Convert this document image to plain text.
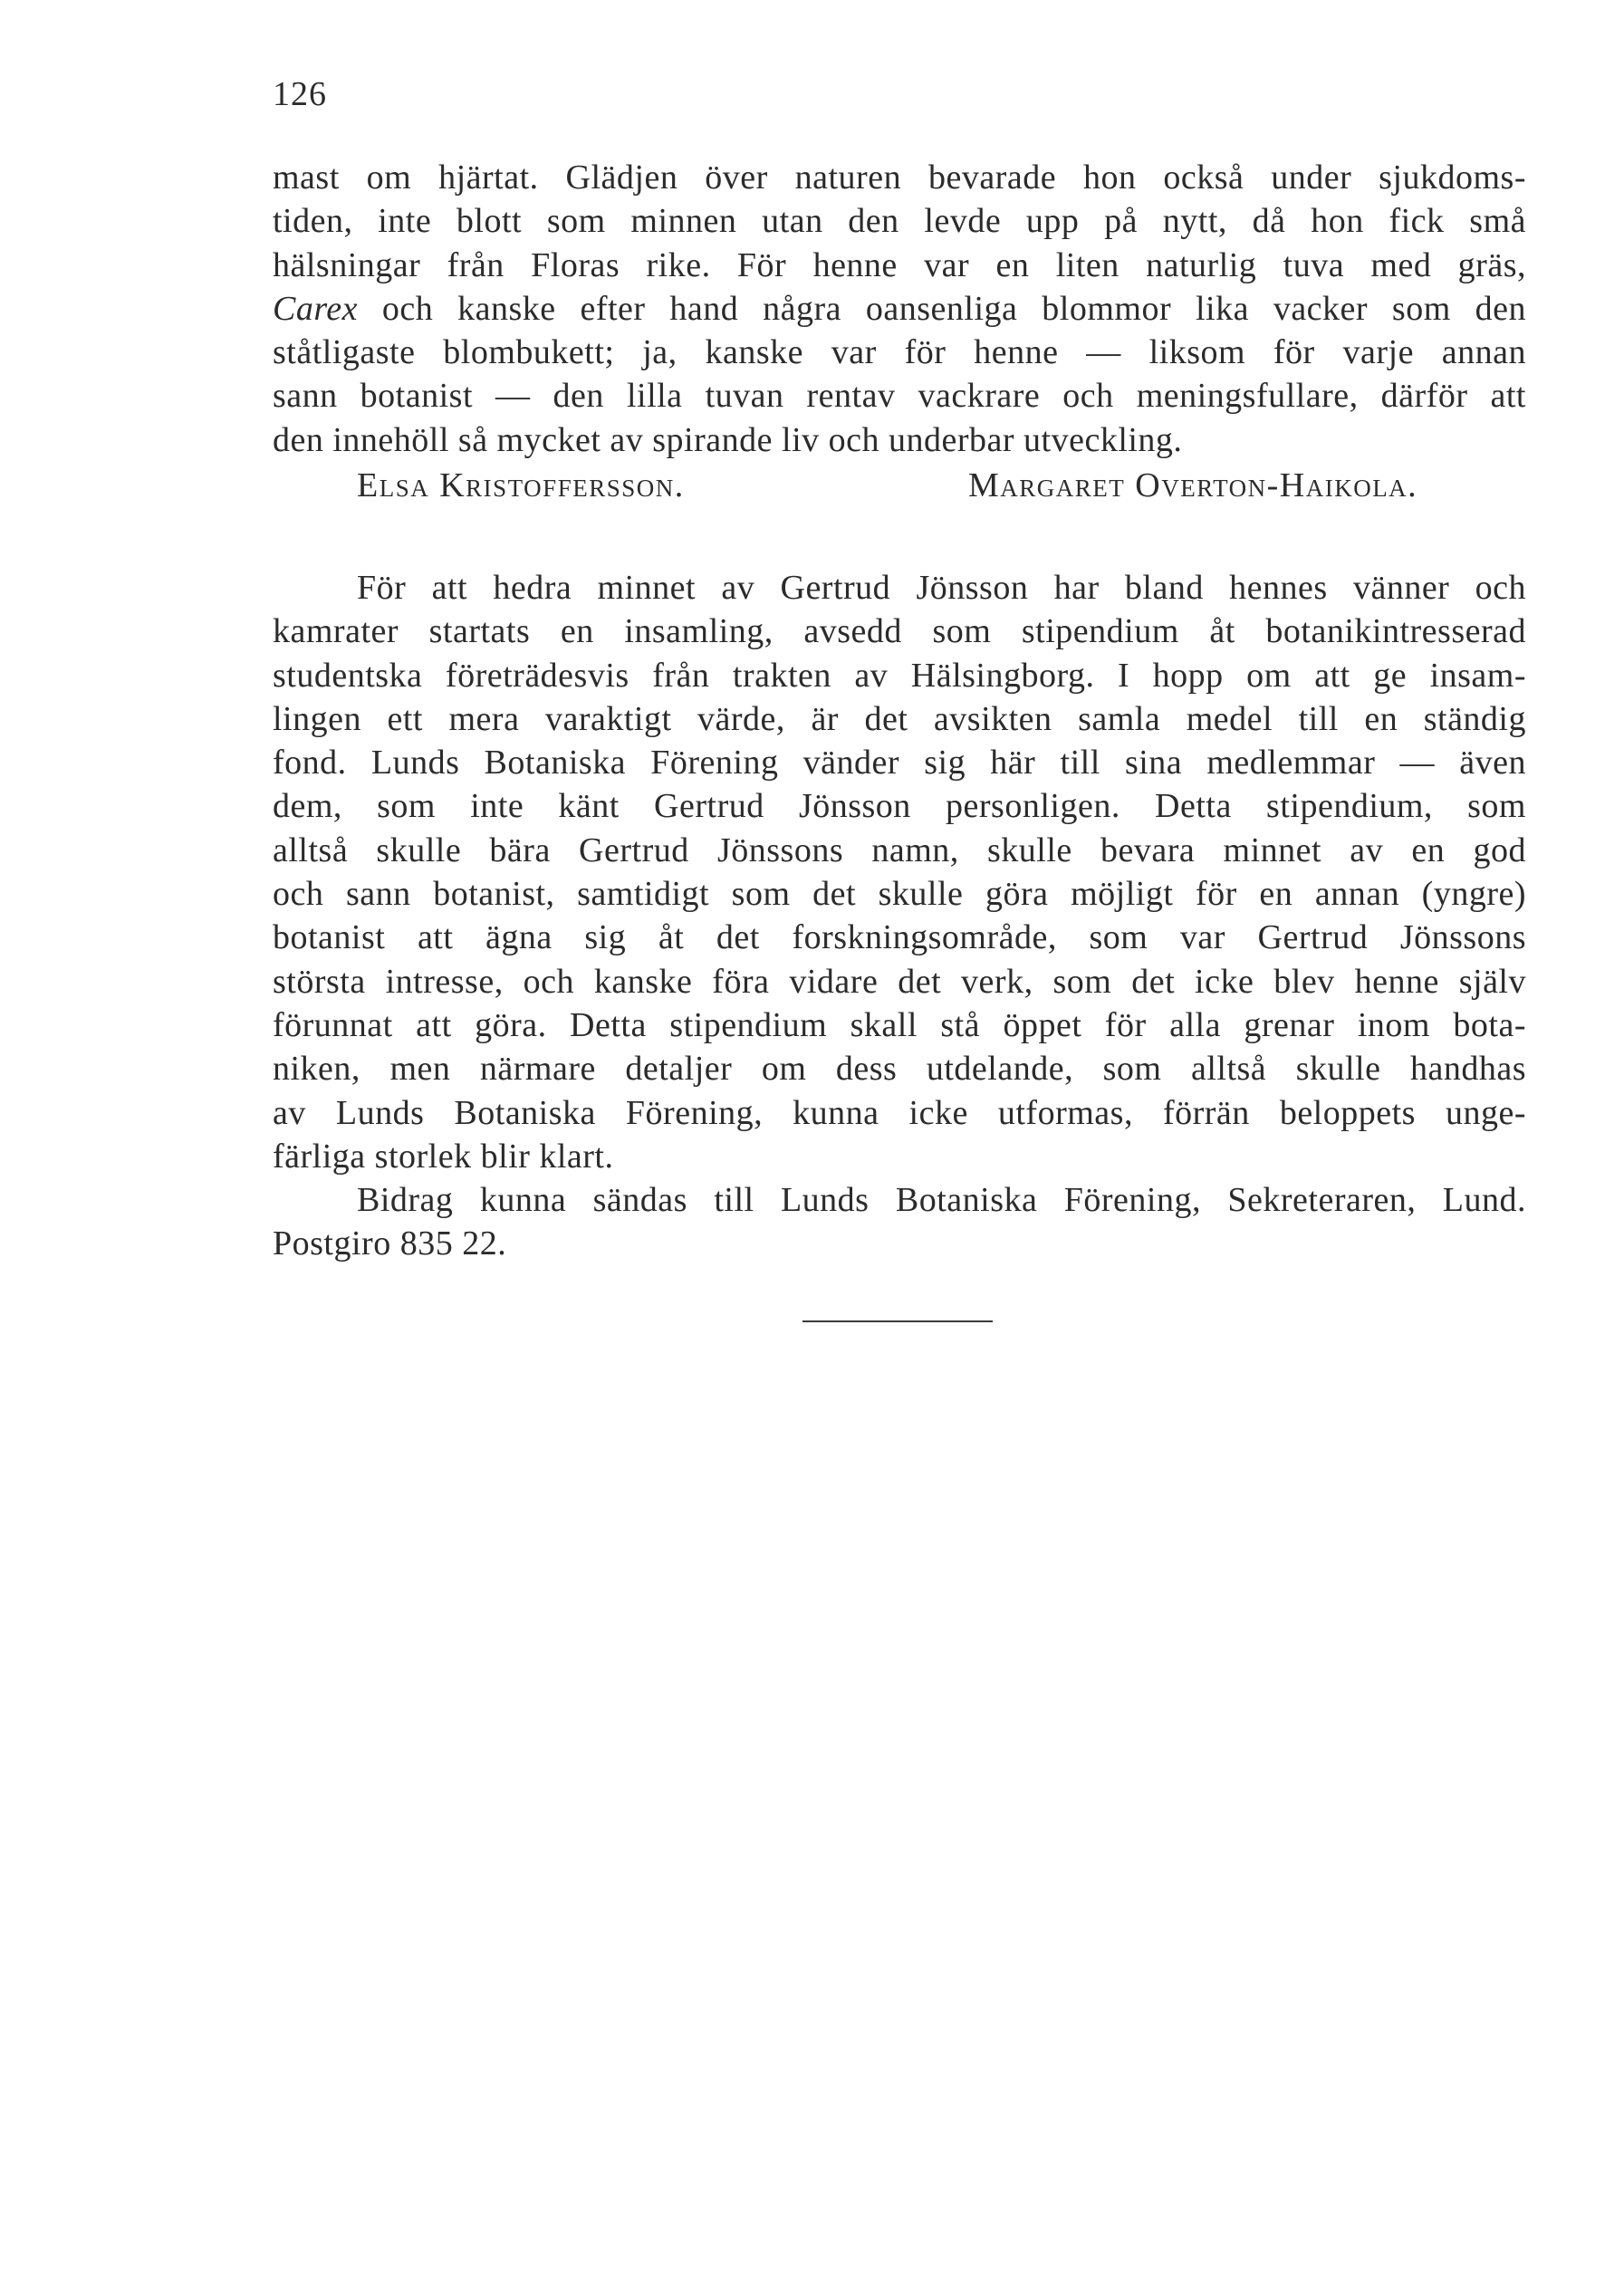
126
mast om hjärtat. Glädjen över naturen bevarade hon också under sjukdoms-
tiden, inte blott som minnen utan den levde upp på nytt, då hon fick små
hälsningar från Floras rike. För henne var en liten naturlig tuva med gräs,
Carex och kanske efter hand några oansenliga blommor lika vacker som den
ståtligaste blombukett; ja, kanske var för henne — liksom för varje annan
sann botanist — den lilla tuvan rentav vackrare och meningsfullare, därför att
den innehöll så mycket av spirande liv och underbar utveckling.
Elsa Kristoffersson.	Margaret Overton-Haikola.
För att hedra minnet av Gertrud Jönsson har bland hennes vänner och
kamrater startats en insamling, avsedd som stipendium åt botanikintresserad
studentska företrädesvis från trakten av Hälsingborg. I hopp om att ge insam-
lingen ett mera varaktigt värde, är det avsikten samla medel till en ständig
fond. Lunds Botaniska Förening vänder sig här till sina medlemmar — även
dem, som inte känt Gertrud Jönsson personligen. Detta stipendium, som
alltså skulle bära Gertrud Jönssons namn, skulle bevara minnet av en god
och sann botanist, samtidigt som det skulle göra möjligt för en annan (yngre)
botanist att ägna sig åt det forskningsområde, som var Gertrud Jönssons
största intresse, och kanske föra vidare det verk, som det icke blev henne själv
förunnat att göra. Detta stipendium skall stå öppet för alla grenar inom bota-
niken, men närmare detaljer om dess utdelande, som alltså skulle handhas
av Lunds Botaniska Förening, kunna icke utformas, förrän beloppets unge-
färliga storlek blir klart.
Bidrag kunna sändas till Lunds Botaniska Förening, Sekreteraren, Lund.
Postgiro 835 22.
